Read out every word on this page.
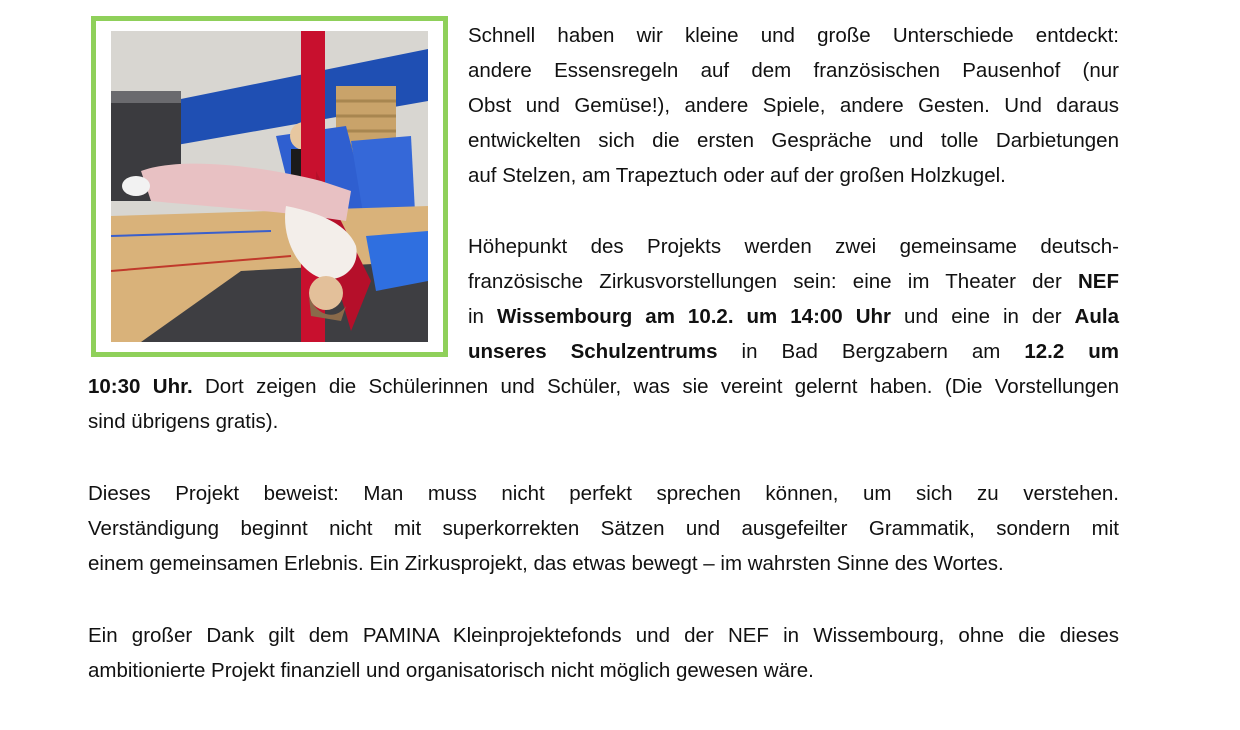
Schnell haben wir kleine und große Unterschiede entdeckt:
andere Essensregeln auf dem französischen Pausenhof (nur
Obst und Gemüse!), andere Spiele, andere Gesten. Und daraus
entwickelten sich die ersten Gespräche und tolle Darbietungen
auf Stelzen, am Trapeztuch oder auf der großen Holzkugel.
Höhepunkt des Projekts werden zwei gemeinsame deutsch-
französische Zirkusvorstellungen sein: eine im Theater der NEF
in Wissembourg am 10.2. um 14:00 Uhr und eine in der Aula
unseres Schulzentrums in Bad Bergzabern am 12.2 um
10:30 Uhr. Dort zeigen die Schülerinnen und Schüler, was sie vereint gelernt haben. (Die Vorstellungen
sind übrigens gratis).
Dieses Projekt beweist: Man muss nicht perfekt sprechen können, um sich zu verstehen.
Verständigung beginnt nicht mit superkorrekten Sätzen und ausgefeilter Grammatik, sondern mit
einem gemeinsamen Erlebnis. Ein Zirkusprojekt, das etwas bewegt – im wahrsten Sinne des Wortes.
Ein großer Dank gilt dem PAMINA Kleinprojektefonds und der NEF in Wissembourg, ohne die dieses
ambitionierte Projekt finanziell und organisatorisch nicht möglich gewesen wäre.
